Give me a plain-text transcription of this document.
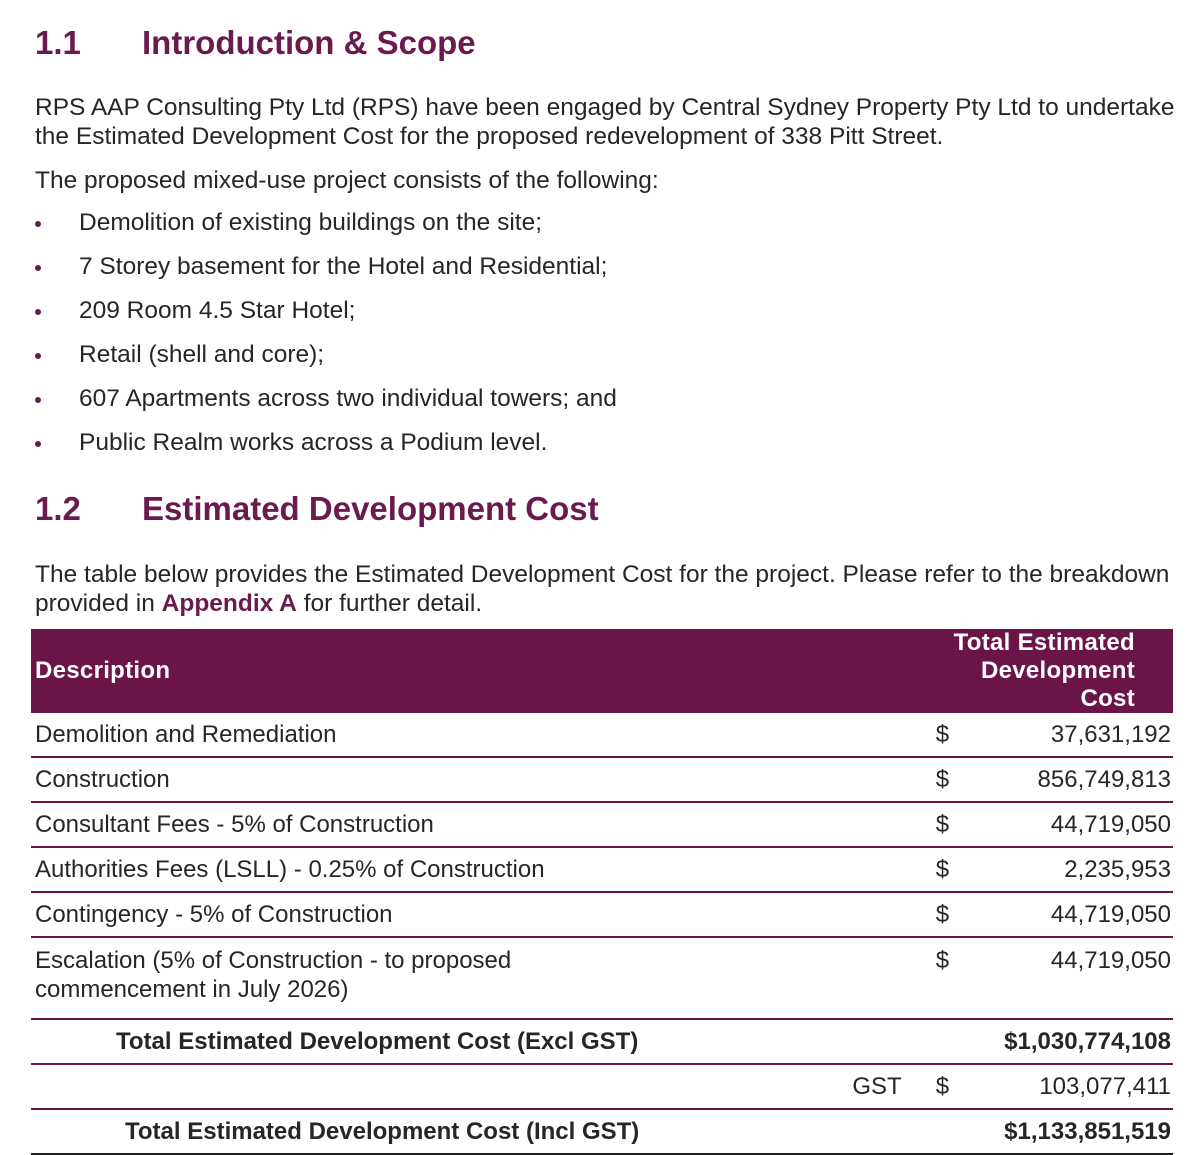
1.1	Introduction & Scope
RPS AAP Consulting Pty Ltd (RPS) have been engaged by Central Sydney Property Pty Ltd to undertake the Estimated Development Cost for the proposed redevelopment of 338 Pitt Street.
The proposed mixed-use project consists of the following:
Demolition of existing buildings on the site;
7 Storey basement for the Hotel and Residential;
209 Room 4.5 Star Hotel;
Retail (shell and core);
607 Apartments across two individual towers; and
Public Realm works across a Podium level.
1.2	Estimated Development Cost
The table below provides the Estimated Development Cost for the project. Please refer to the breakdown provided in Appendix A for further detail.
Description	Total Estimated Development Cost	
Demolition and Remediation	$	37,631,192
Construction	$	856,749,813
Consultant Fees - 5% of Construction	$	44,719,050
Authorities Fees (LSLL) - 0.25% of Construction	$	2,235,953
Contingency - 5% of Construction	$	44,719,050

Escalation (5% of Construction - to proposed commencement in July 2026)	$	44,719,050
Total Estimated Development Cost (Excl GST)	$1,030,774,108	
GST	$	103,077,411
Total Estimated Development Cost (Incl GST)	$1,133,851,519	
